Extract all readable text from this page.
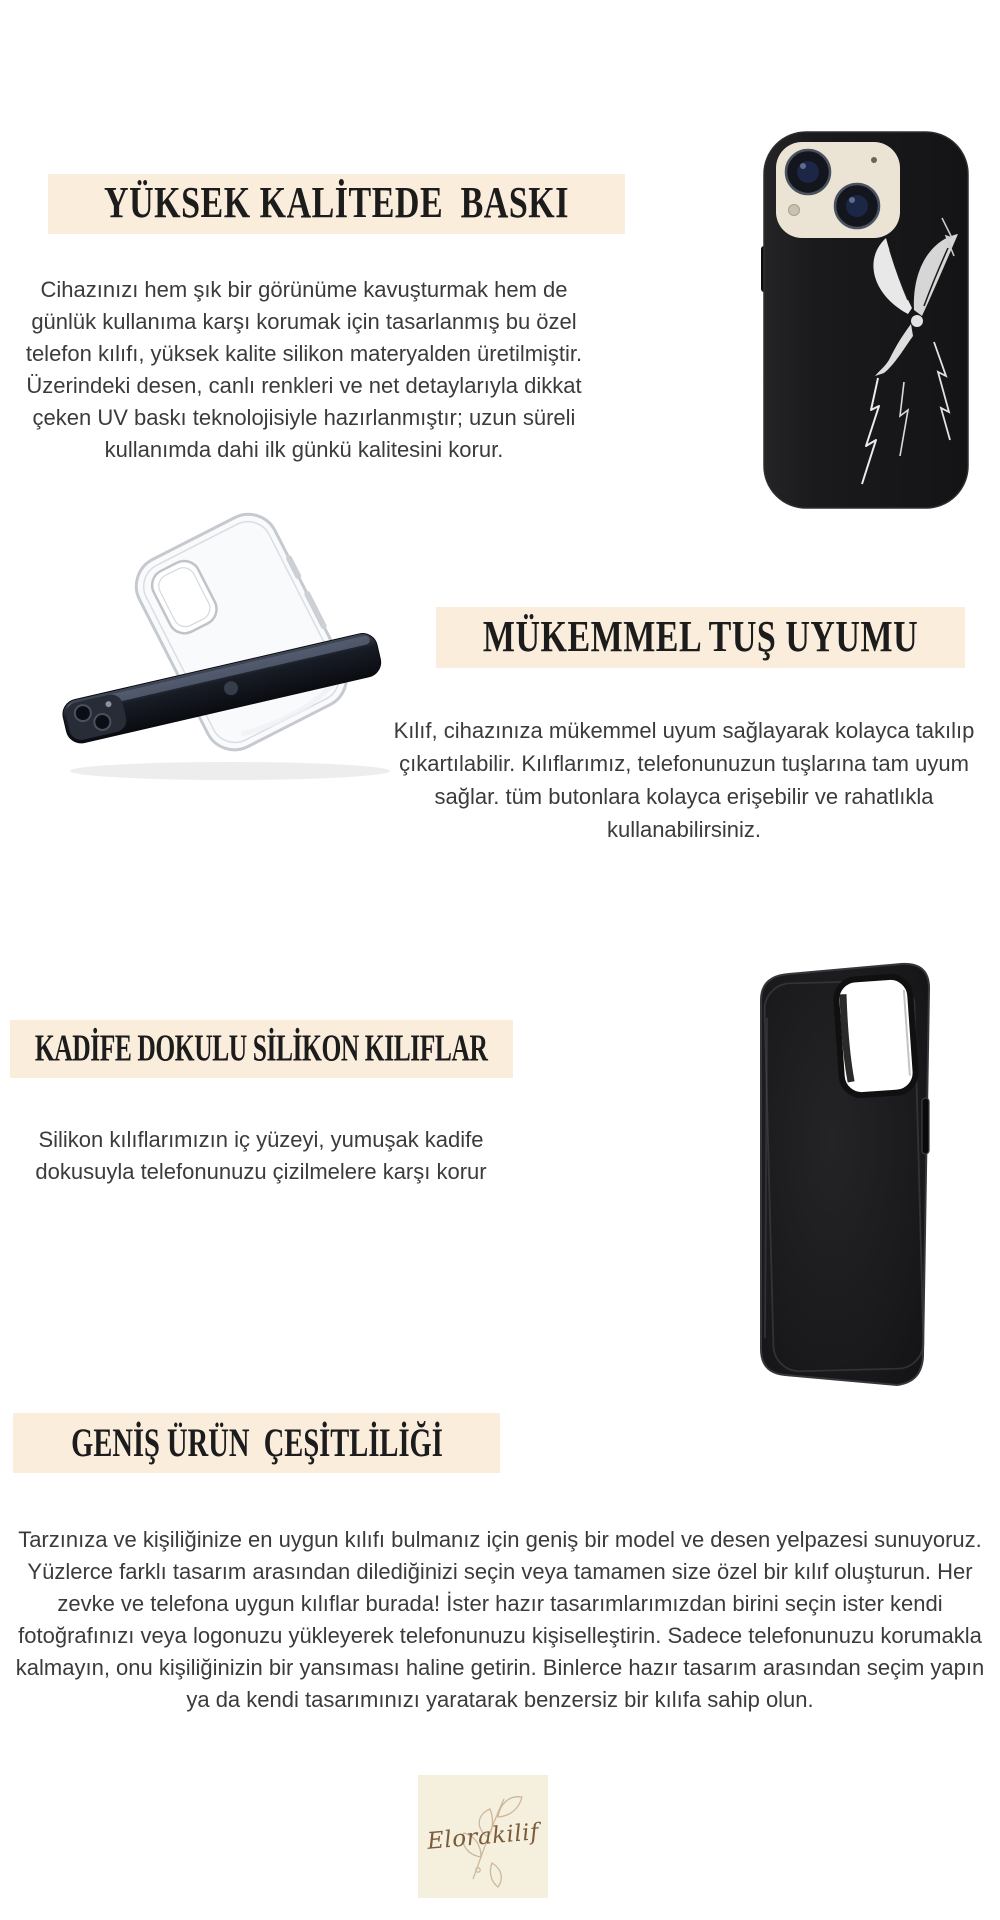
YÜKSEK KALİTEDE BASKI
Cihazınızı hem şık bir görünüme kavuşturmak hem de günlük kullanıma karşı korumak için tasarlanmış bu özel telefon kılıfı, yüksek kalite silikon materyalden üretilmiştir. Üzerindeki desen, canlı renkleri ve net detaylarıyla dikkat çeken UV baskı teknolojisiyle hazırlanmıştır; uzun süreli kullanımda dahi ilk günkü kalitesini korur.
MÜKEMMEL TUŞ UYUMU
Kılıf, cihazınıza mükemmel uyum sağlayarak kolayca takılıp çıkartılabilir. Kılıflarımız, telefonunuzun tuşlarına tam uyum sağlar. tüm butonlara kolayca erişebilir ve rahatlıkla kullanabilirsiniz.
KADİFE DOKULU SİLİKON KILIFLAR
Silikon kılıflarımızın iç yüzeyi, yumuşak kadife dokusuyla telefonunuzu çizilmelere karşı korur
GENİŞ ÜRÜN ÇEŞİTLİLİĞİ
Tarzınıza ve kişiliğinize en uygun kılıfı bulmanız için geniş bir model ve desen yelpazesi sunuyoruz. Yüzlerce farklı tasarım arasından dilediğinizi seçin veya tamamen size özel bir kılıf oluşturun. Her zevke ve telefona uygun kılıflar burada! İster hazır tasarımlarımızdan birini seçin ister kendi fotoğrafınızı veya logonuzu yükleyerek telefonunuzu kişiselleştirin. Sadece telefonunuzu korumakla kalmayın, onu kişiliğinizin bir yansıması haline getirin. Binlerce hazır tasarım arasından seçim yapın ya da kendi tasarımınızı yaratarak benzersiz bir kılıfa sahip olun.
Elorakilif
